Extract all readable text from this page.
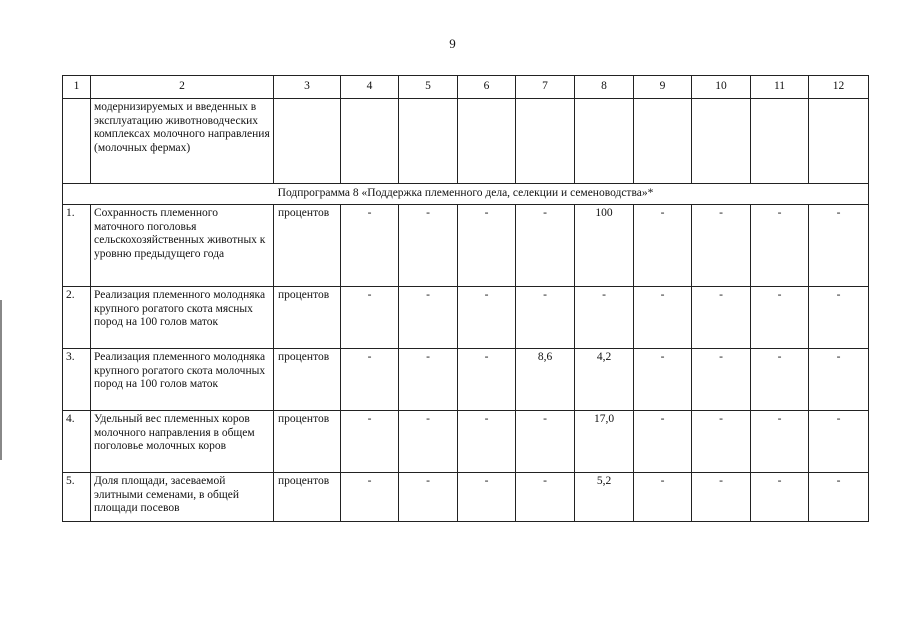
9
1	2	3	4	5	6	7	8	9	10	11	12
	модернизируемых и введенных в эксплуатацию животноводческих комплексах молочного направления (молочных фермах)										
Подпрограмма 8 «Поддержка племенного дела, селекции и семеноводства»*											
1.	Сохранность племенного маточного поголовья сельскохозяйственных животных к уровню предыдущего года	процентов	-	-	-	-	100	-	-	-	-
2.	Реализация племенного молодняка крупного рогатого скота мясных пород на 100 голов маток	процентов	-	-	-	-	-	-	-	-	-
3.	Реализация племенного молодняка крупного рогатого скота молочных пород на 100 голов маток	процентов	-	-	-	8,6	4,2	-	-	-	-
4.	Удельный вес племенных коров молочного направления в общем поголовье молочных коров	процентов	-	-	-	-	17,0	-	-	-	-
5.	Доля площади, засеваемой элитными семенами, в общей площади посевов	процентов	-	-	-	-	5,2	-	-	-	-
